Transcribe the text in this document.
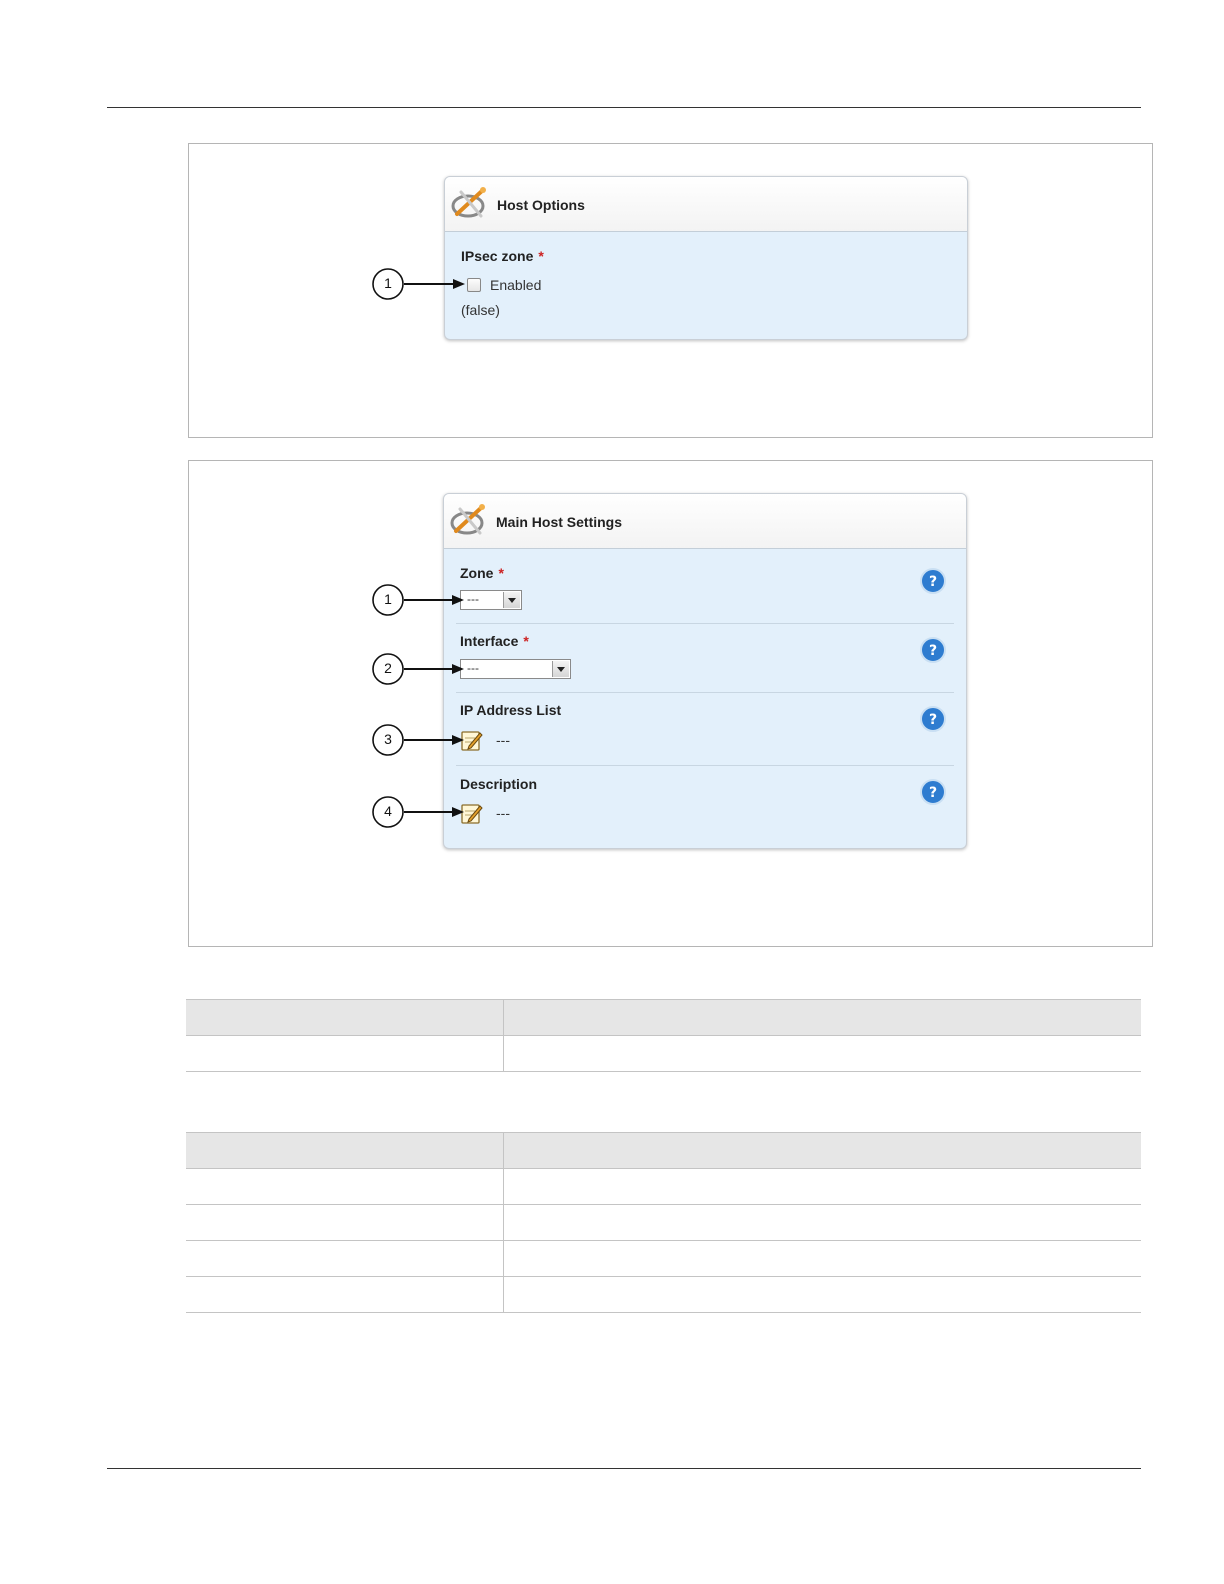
Host Options
IPsec zone *
Enabled
(false)
1
Main Host Settings
Zone *
---
?
Interface *
---
?
IP Address List
---
?
Description
---
?
1
2
3
4
